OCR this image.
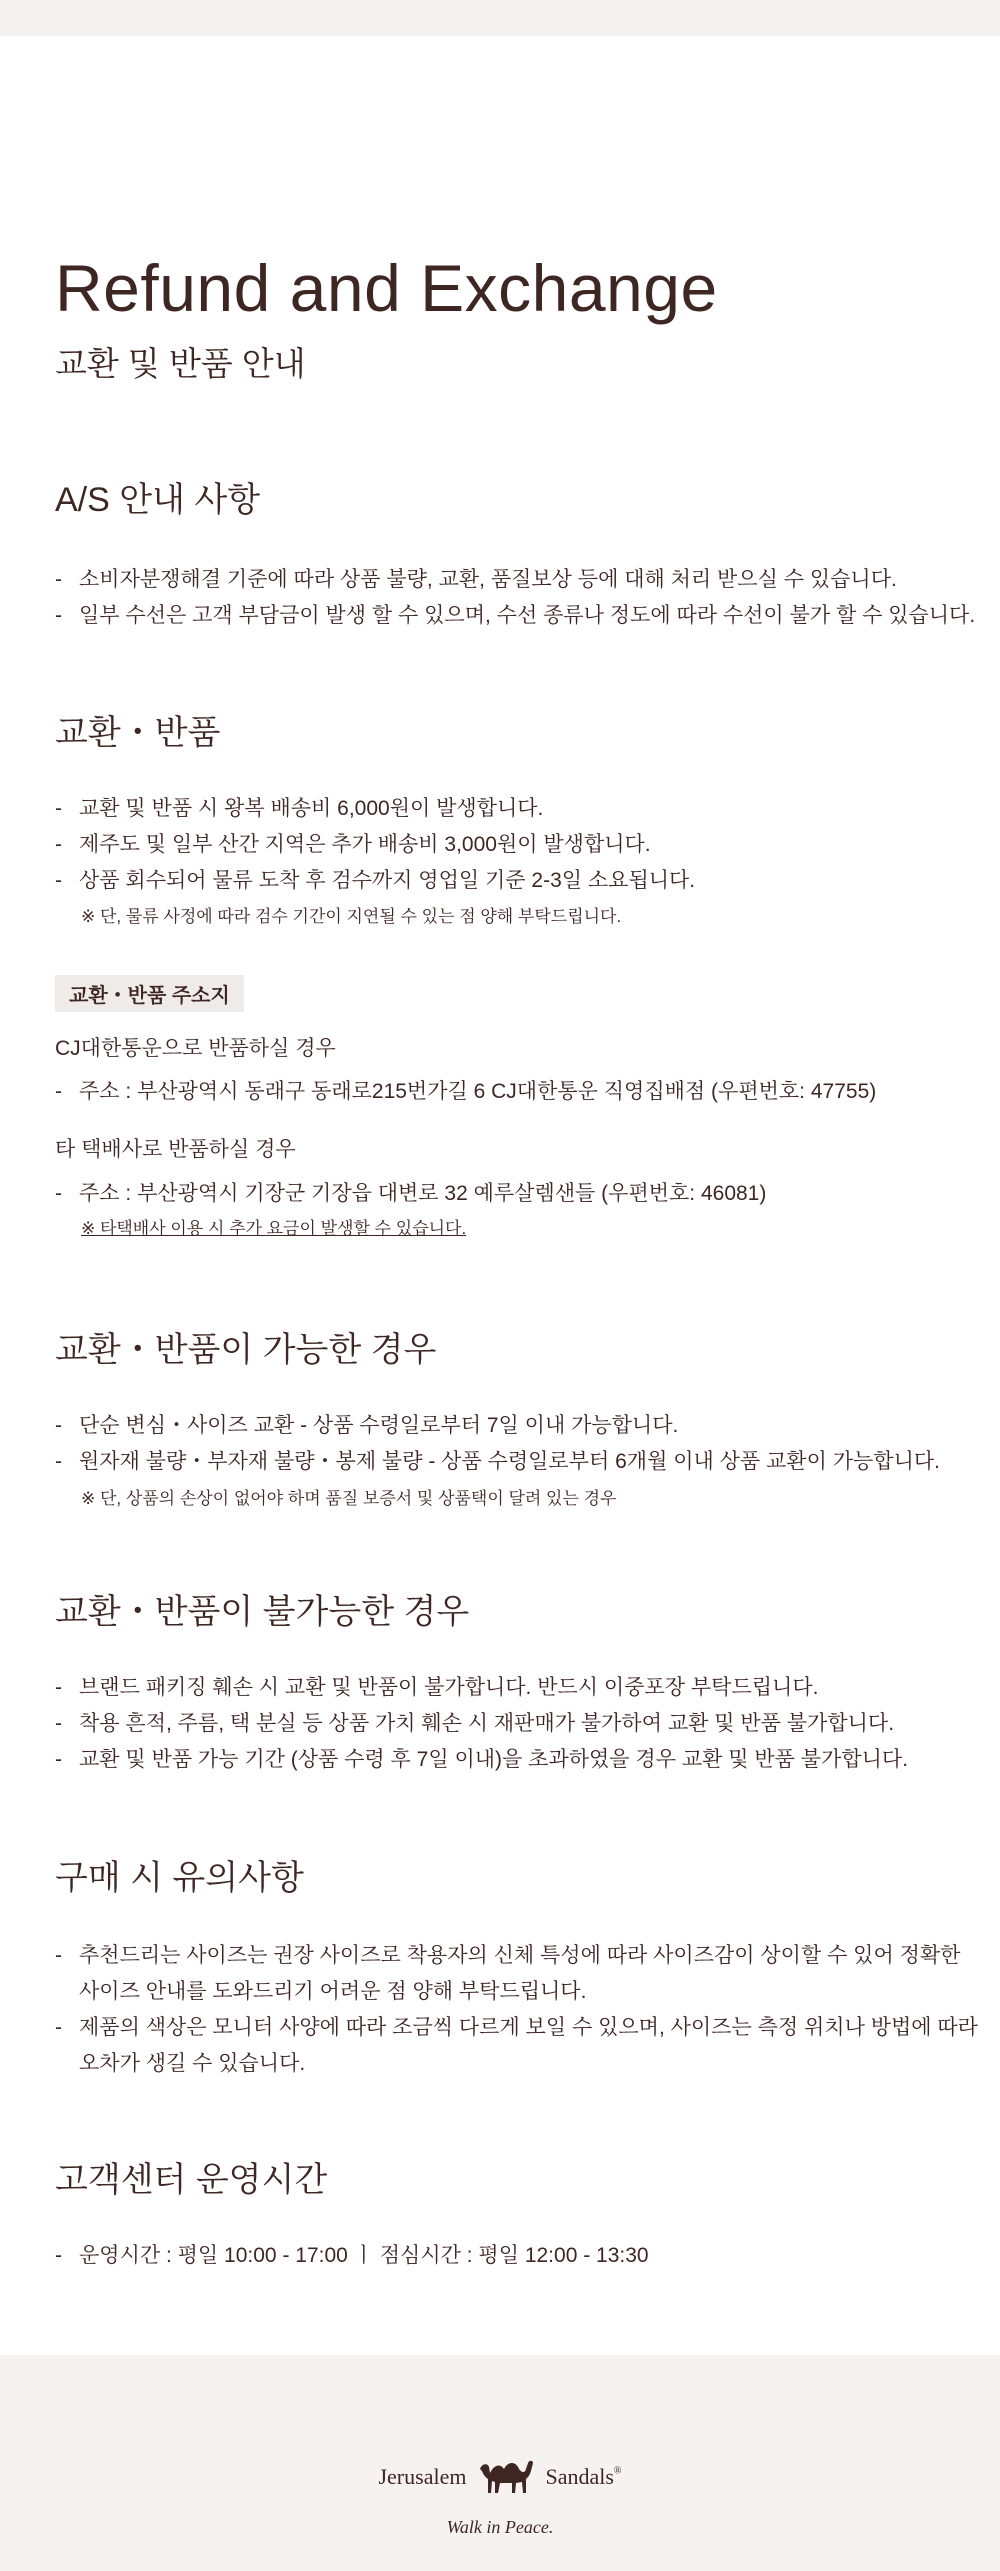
Refund and Exchange
교환 및 반품 안내
A/S 안내 사항
- 소비자분쟁해결 기준에 따라 상품 불량, 교환, 품질보상 등에 대해 처리 받으실 수 있습니다.
- 일부 수선은 고객 부담금이 발생 할 수 있으며, 수선 종류나 정도에 따라 수선이 불가 할 수 있습니다.
교환・반품
- 교환 및 반품 시 왕복 배송비 6,000원이 발생합니다.
- 제주도 및 일부 산간 지역은 추가 배송비 3,000원이 발생합니다.
- 상품 회수되어 물류 도착 후 검수까지 영업일 기준 2-3일 소요됩니다.
※ 단, 물류 사정에 따라 검수 기간이 지연될 수 있는 점 양해 부탁드립니다.
교환・반품 주소지
CJ대한통운으로 반품하실 경우
- 주소 : 부산광역시 동래구 동래로215번가길 6 CJ대한통운 직영집배점 (우편번호: 47755)
타 택배사로 반품하실 경우
- 주소 : 부산광역시 기장군 기장읍 대변로 32 예루살렘샌들 (우편번호: 46081)
※ 타택배사 이용 시 추가 요금이 발생할 수 있습니다.
교환・반품이 가능한 경우
- 단순 변심・사이즈 교환 - 상품 수령일로부터 7일 이내 가능합니다.
- 원자재 불량・부자재 불량・봉제 불량 - 상품 수령일로부터 6개월 이내 상품 교환이 가능합니다.
※ 단, 상품의 손상이 없어야 하며 품질 보증서 및 상품택이 달려 있는 경우
교환・반품이 불가능한 경우
- 브랜드 패키징 훼손 시 교환 및 반품이 불가합니다. 반드시 이중포장 부탁드립니다.
- 착용 흔적, 주름, 택 분실 등 상품 가치 훼손 시 재판매가 불가하여 교환 및 반품 불가합니다.
- 교환 및 반품 가능 기간 (상품 수령 후 7일 이내)을 초과하였을 경우 교환 및 반품 불가합니다.
구매 시 유의사항
- 추천드리는 사이즈는 권장 사이즈로 착용자의 신체 특성에 따라 사이즈감이 상이할 수 있어 정확한 사이즈 안내를 도와드리기 어려운 점 양해 부탁드립니다.
- 제품의 색상은 모니터 사양에 따라 조금씩 다르게 보일 수 있으며, 사이즈는 측정 위치나 방법에 따라 오차가 생길 수 있습니다.
고객센터 운영시간
- 운영시간 : 평일 10:00 - 17:00 ㅣ 점심시간 : 평일 12:00 - 13:30
Jerusalem	Sandals®
Walk in Peace.
